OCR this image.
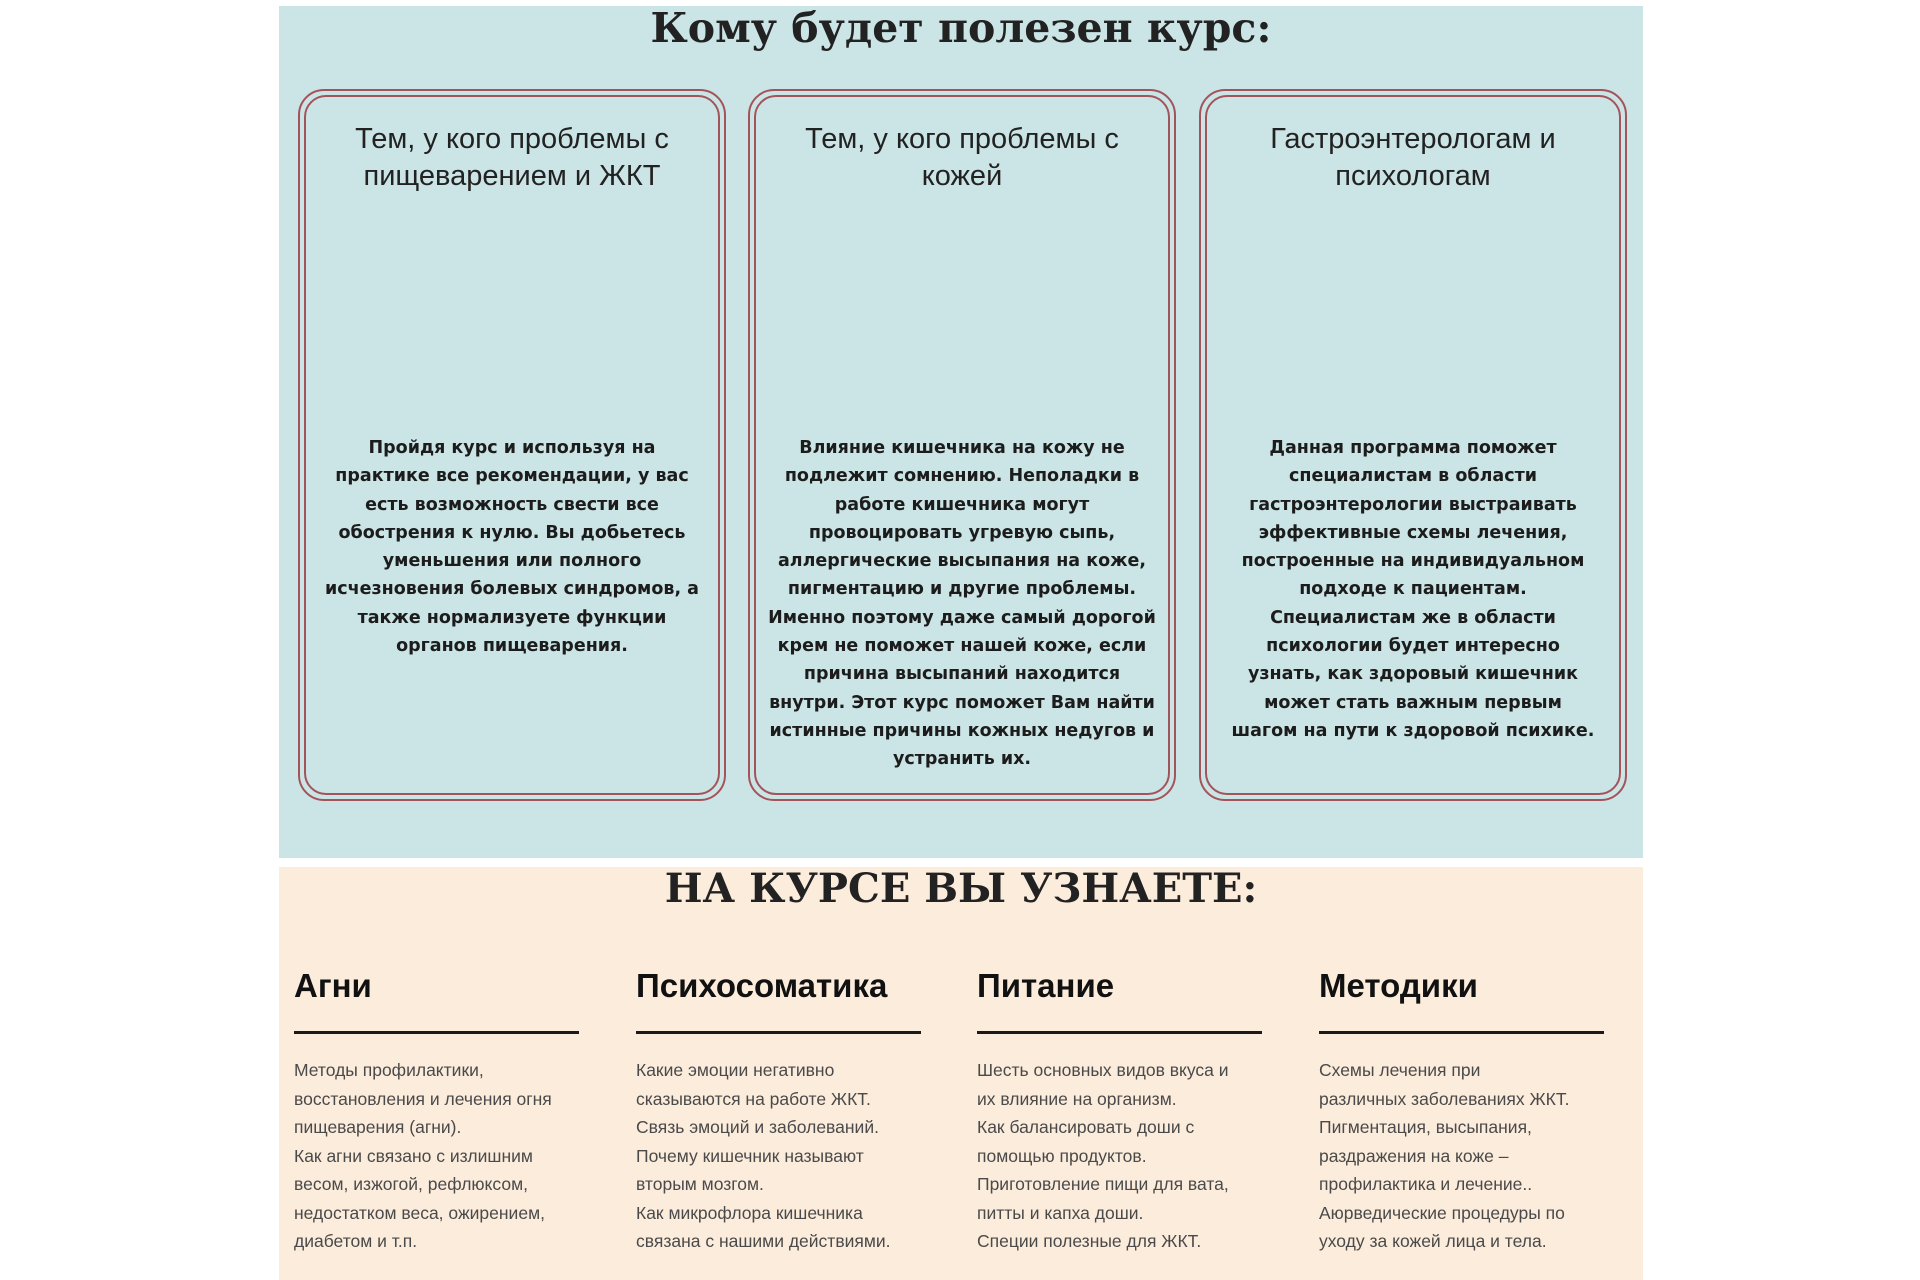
Кому будет полезен курс:
Тем, у кого проблемы с пищеварением и ЖКТ
Пройдя курс и используя на практике все рекомендации, у вас есть возможность свести все обострения к нулю. Вы добьетесь уменьшения или полного исчезновения болевых синдромов, а также нормализуете функции органов пищеварения.
Тем, у кого проблемы с кожей
Влияние кишечника на кожу не подлежит сомнению. Неполадки в работе кишечника могут провоцировать угревую сыпь, аллергические высыпания на коже, пигментацию и другие проблемы. Именно поэтому даже самый дорогой крем не поможет нашей коже, если причина высыпаний находится внутри. Этот курс поможет Вам найти истинные причины кожных недугов и устранить их.
Гастроэнтерологам и психологам
Данная программа поможет специалистам в области гастроэнтерологии выстраивать эффективные схемы лечения, построенные на индивидуальном подходе к пациентам. Специалистам же в области психологии будет интересно узнать, как здоровый кишечник может стать важным первым шагом на пути к здоровой психике.
НА КУРСЕ ВЫ УЗНАЕТЕ:
Агни
Методы профилактики,
восстановления и лечения огня
пищеварения (агни).
Как агни связано с излишним
весом, изжогой, рефлюксом,
недостатком веса, ожирением,
диабетом и т.п.
Психосоматика
Какие эмоции негативно
сказываются на работе ЖКТ.
Связь эмоций и заболеваний.
Почему кишечник называют
вторым мозгом.
Как микрофлора кишечника
связана с нашими действиями.
Питание
Шесть основных видов вкуса и
их влияние на организм.
Как балансировать доши с
помощью продуктов.
Приготовление пищи для вата,
питты и капха доши.
Специи полезные для ЖКТ.
Методики
Схемы лечения при
различных заболеваниях ЖКТ.
Пигментация, высыпания,
раздражения на коже –
профилактика и лечение..
Аюрведические процедуры по
уходу за кожей лица и тела.
